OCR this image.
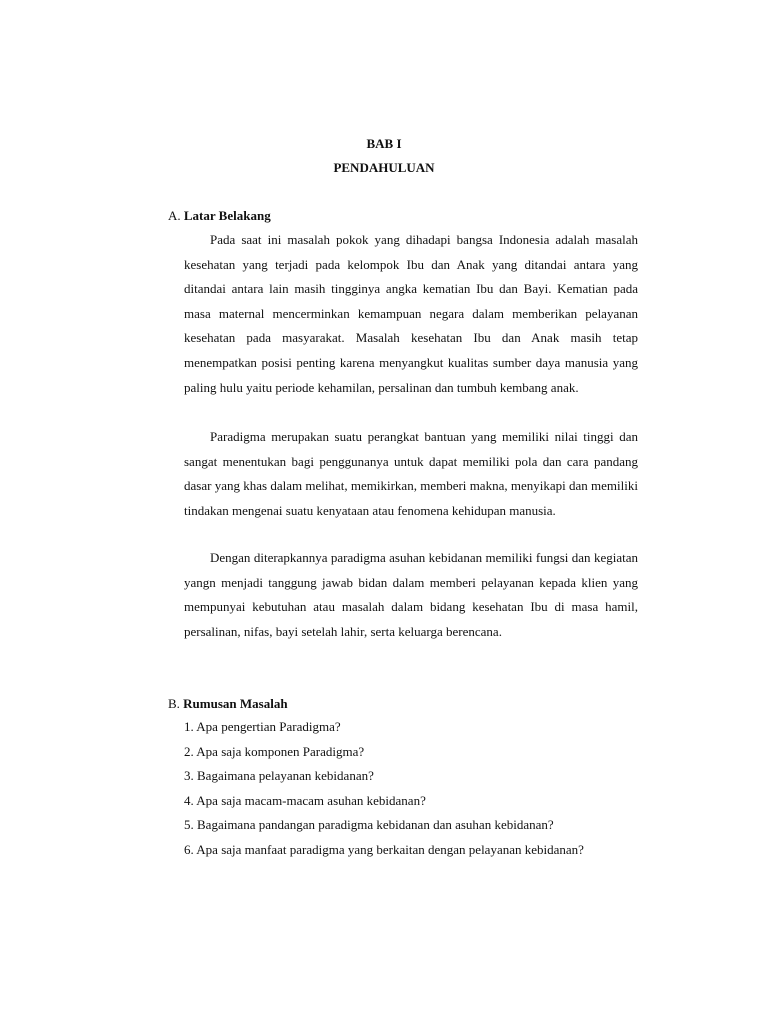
BAB I
PENDAHULUAN
A. Latar Belakang

Pada saat ini masalah pokok yang dihadapi bangsa Indonesia adalah masalah kesehatan yang terjadi pada kelompok Ibu dan Anak yang ditandai antara yang ditandai antara lain masih tingginya angka kematian Ibu dan Bayi. Kematian pada masa maternal mencerminkan kemampuan negara dalam memberikan pelayanan kesehatan pada masyarakat. Masalah kesehatan Ibu dan Anak masih tetap menempatkan posisi penting karena menyangkut kualitas sumber daya manusia yang paling hulu yaitu periode kehamilan, persalinan dan tumbuh kembang anak.

Paradigma merupakan suatu perangkat bantuan yang memiliki nilai tinggi dan sangat menentukan bagi penggunanya untuk dapat memiliki pola dan cara pandang dasar yang khas dalam melihat, memikirkan, memberi makna, menyikapi dan memiliki tindakan mengenai suatu kenyataan atau fenomena kehidupan manusia.

Dengan diterapkannya paradigma asuhan kebidanan memiliki fungsi dan kegiatan yangn menjadi tanggung jawab bidan dalam memberi pelayanan kepada klien yang mempunyai kebutuhan atau masalah dalam bidang kesehatan Ibu di masa hamil, persalinan, nifas, bayi setelah lahir, serta keluarga berencana.

B. Rumusan Masalah
1. Apa pengertian Paradigma?
2. Apa saja komponen Paradigma?
3. Bagaimana pelayanan kebidanan?
4. Apa saja macam-macam asuhan kebidanan?
5. Bagaimana pandangan paradigma kebidanan dan asuhan kebidanan?
6. Apa saja manfaat paradigma yang berkaitan dengan pelayanan kebidanan?
